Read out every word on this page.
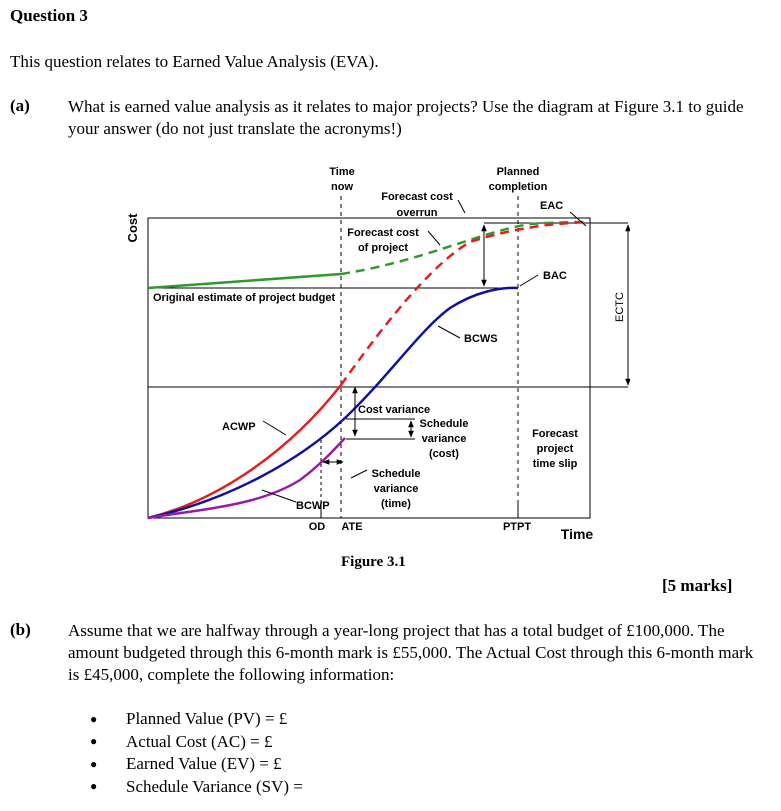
Question 3
This question relates to Earned Value Analysis (EVA).
(a) What is earned value analysis as it relates to major projects? Use the diagram at Figure 3.1 to guide your answer (do not just translate the acronyms!)
Time
now
Planned
completion
Forecast cost
overrun
EAC
Forecast cost
of project
BAC
Original estimate of project budget
BCWS
Cost variance
Schedule
variance
(cost)
ACWP
Forecast
project
time slip
Schedule
variance
(time)
BCWP
OD ATE	PTPT Time
Cost
ECTC
Figure 3.1
[5 marks]
(b) Assume that we are halfway through a year-long project that has a total budget of £100,000. The amount budgeted through this 6-month mark is £55,000. The Actual Cost through this 6-month mark is £45,000, complete the following information:
●	Planned Value (PV) = £
●	Actual Cost (AC) = £
●	Earned Value (EV) = £
●	Schedule Variance (SV) =
